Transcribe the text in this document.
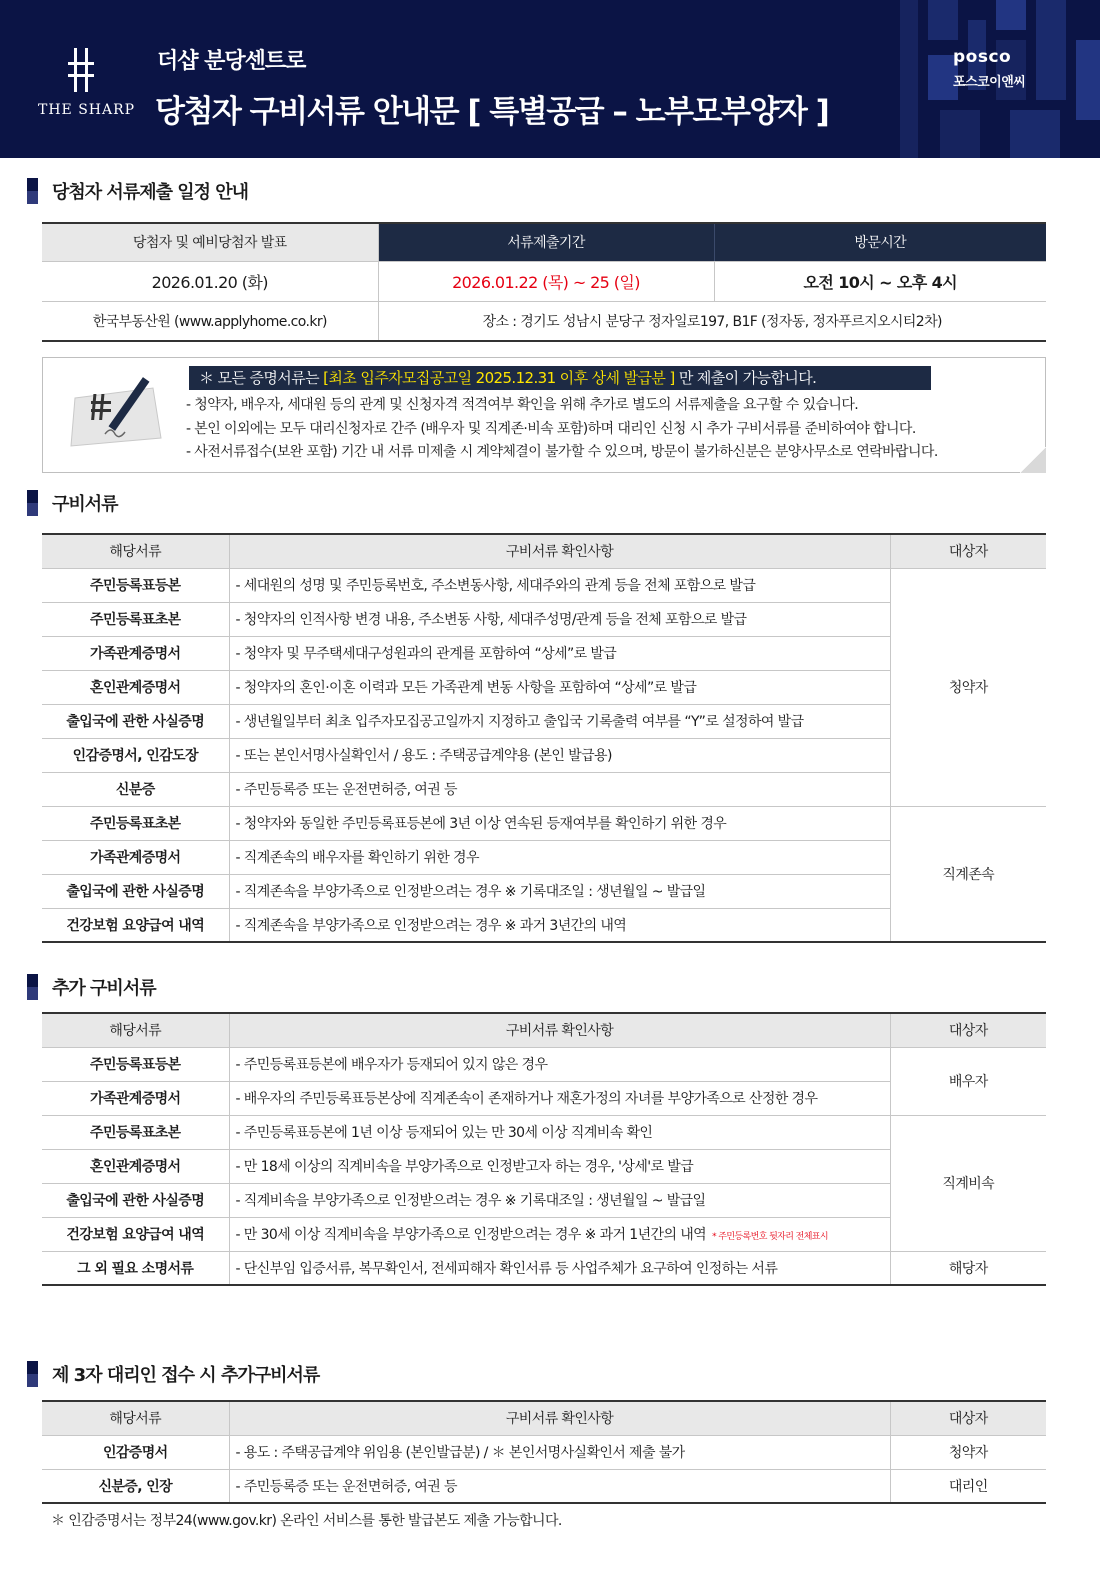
THE SHARP
더샵 분당센트로
당첨자 구비서류 안내문 [ 특별공급 – 노부모부양자 ]
posco
포스코이앤씨
당첨자 서류제출 일정 안내
당첨자 및 예비당첨자 발표	서류제출기간	방문시간
2026.01.20 (화)	2026.01.22 (목) ~ 25 (일)	오전 10시 ~ 오후 4시
한국부동산원 (www.applyhome.co.kr)	장소 : 경기도 성남시 분당구 정자일로197, B1F (정자동, 정자푸르지오시티2차)	
＊ 모든 증명서류는 [최초 입주자모집공고일 2025.12.31 이후 상세 발급분 ] 만 제출이 가능합니다.
- 청약자, 배우자, 세대원 등의 관계 및 신청자격 적격여부 확인을 위해 추가로 별도의 서류제출을 요구할 수 있습니다.
- 본인 이외에는 모두 대리신청자로 간주 (배우자 및 직계존·비속 포함)하며 대리인 신청 시 추가 구비서류를 준비하여야 합니다.
- 사전서류접수(보완 포함) 기간 내 서류 미제출 시 계약체결이 불가할 수 있으며, 방문이 불가하신분은 분양사무소로 연락바랍니다.
구비서류
해당서류	구비서류 확인사항	대상자
주민등록표등본	- 세대원의 성명 및 주민등록번호, 주소변동사항, 세대주와의 관계 등을 전체 포함으로 발급	청약자
주민등록표초본	- 청약자의 인적사항 변경 내용, 주소변동 사항, 세대주성명/관계 등을 전체 포함으로 발급	
가족관계증명서	- 청약자 및 무주택세대구성원과의 관계를 포함하여 “상세”로 발급	
혼인관계증명서	- 청약자의 혼인·이혼 이력과 모든 가족관계 변동 사항을 포함하여 “상세”로 발급	
출입국에 관한 사실증명	- 생년월일부터 최초 입주자모집공고일까지 지정하고 출입국 기록출력 여부를 “Y”로 설정하여 발급	
인감증명서, 인감도장	- 또는 본인서명사실확인서 / 용도 : 주택공급계약용 (본인 발급용)	
신분증	- 주민등록증 또는 운전면허증, 여권 등	
주민등록표초본	- 청약자와 동일한 주민등록표등본에 3년 이상 연속된 등재여부를 확인하기 위한 경우	직계존속
가족관계증명서	- 직계존속의 배우자를 확인하기 위한 경우	
출입국에 관한 사실증명	- 직계존속을 부양가족으로 인정받으려는 경우 ※ 기록대조일 : 생년월일 ~ 발급일	
건강보험 요양급여 내역	- 직계존속을 부양가족으로 인정받으려는 경우 ※ 과거 3년간의 내역	
추가 구비서류
해당서류	구비서류 확인사항	대상자
주민등록표등본	- 주민등록표등본에 배우자가 등재되어 있지 않은 경우	배우자
가족관계증명서	- 배우자의 주민등록표등본상에 직계존속이 존재하거나 재혼가정의 자녀를 부양가족으로 산정한 경우	
주민등록표초본	- 주민등록표등본에 1년 이상 등재되어 있는 만 30세 이상 직계비속 확인	직계비속
혼인관계증명서	- 만 18세 이상의 직계비속을 부양가족으로 인정받고자 하는 경우, '상세'로 발급	
출입국에 관한 사실증명	- 직계비속을 부양가족으로 인정받으려는 경우 ※ 기록대조일 : 생년월일 ~ 발급일	
건강보험 요양급여 내역	- 만 30세 이상 직계비속을 부양가족으로 인정받으려는 경우 ※ 과거 1년간의 내역 * 주민등록번호 뒷자리 전체표시	
그 외 필요 소명서류	- 단신부임 입증서류, 복무확인서, 전세피해자 확인서류 등 사업주체가 요구하여 인정하는 서류	해당자
제 3자 대리인 접수 시 추가구비서류
해당서류	구비서류 확인사항	대상자
인감증명서	- 용도 : 주택공급계약 위임용 (본인발급분) / ＊ 본인서명사실확인서 제출 불가	청약자
신분증, 인장	- 주민등록증 또는 운전면허증, 여권 등	대리인
＊ 인감증명서는 정부24(www.gov.kr) 온라인 서비스를 통한 발급본도 제출 가능합니다.
